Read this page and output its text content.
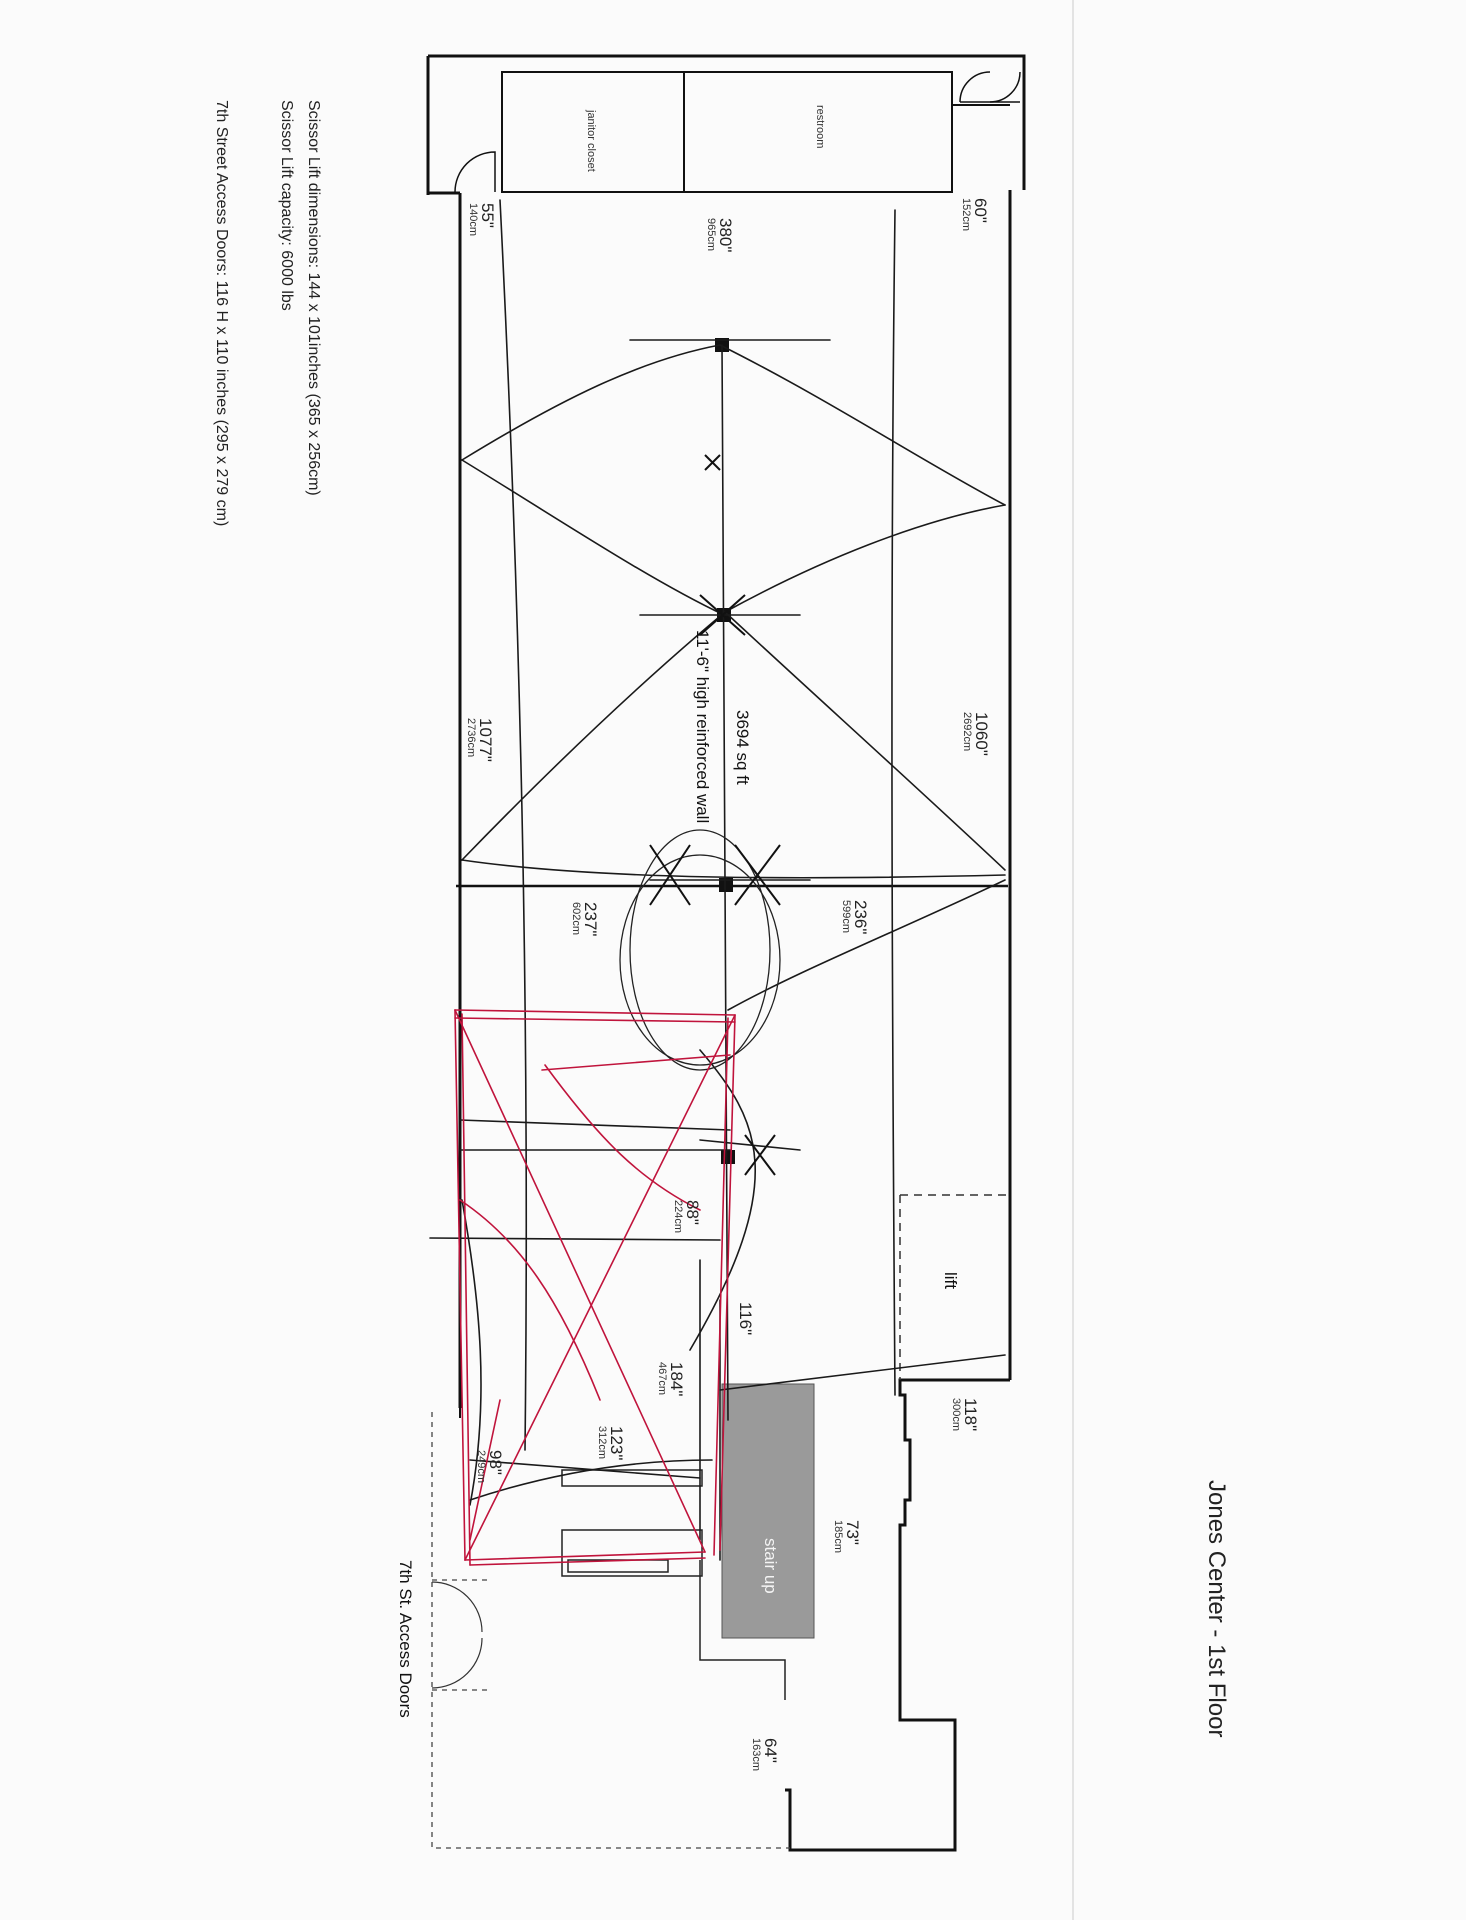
Jones Center - 1st Floor
Scissor Lift dimensions: 144 x 101inches (365 x 256cm)
Scissor Lift capacity: 6000 lbs
7th Street Access Doors: 116 H x 110 inches (295 x 279 cm)
7th St. Access Doors
janitor closet	restroom
lift
stair up
60"
152cm
55"
140cm	380"
965cm
1060"
2692cm
1077"
2736cm
236"
599cm
237"
602cm
88"
224cm
116"
184"
467cm
123"
312cm
98"
249cm
118"
300cm
73"
185cm
64"
163cm
11'-6" high reinforced wall 3694 sq ft
